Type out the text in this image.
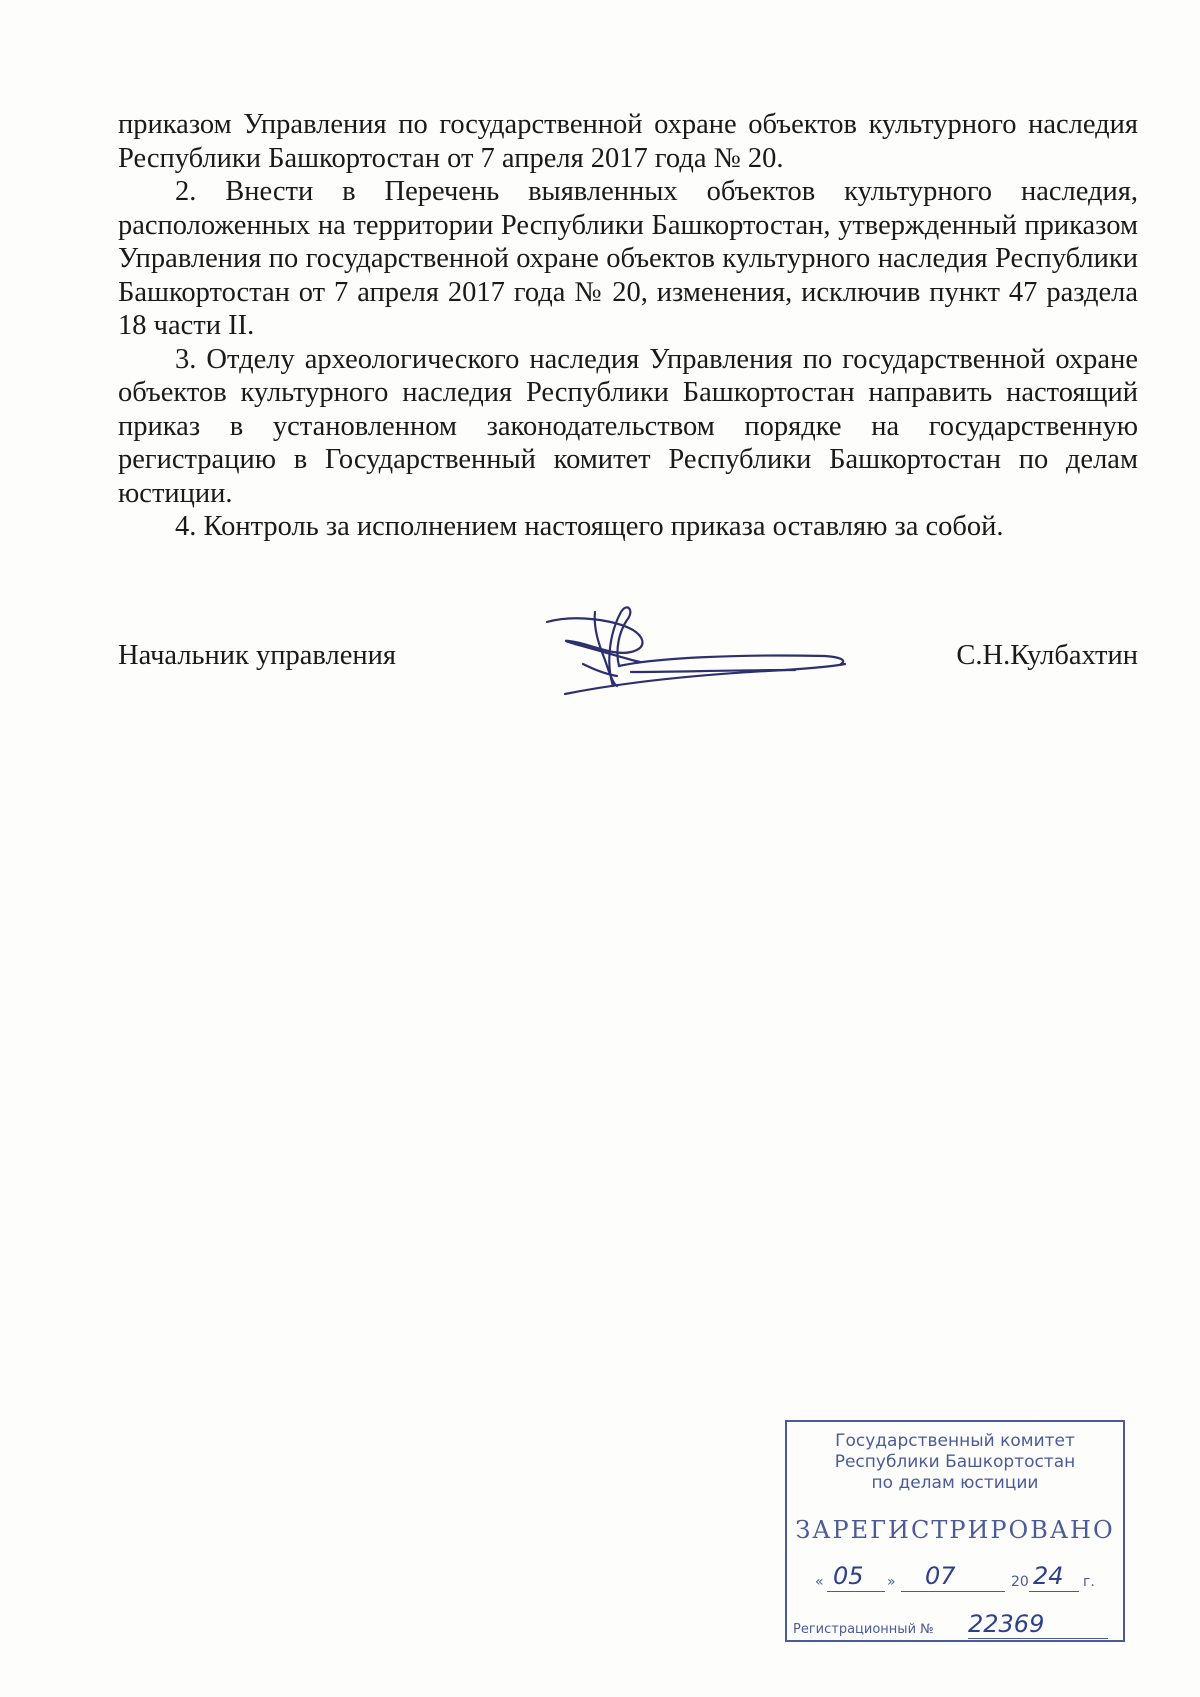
приказом Управления по государственной охране объектов культурного наследия Республики Башкортостан от 7 апреля 2017 года № 20.

2. Внести в Перечень выявленных объектов культурного наследия, расположенных на территории Республики Башкортостан, утвержденный приказом Управления по государственной охране объектов культурного наследия Республики Башкортостан от 7 апреля 2017 года № 20, изменения, исключив пункт 47 раздела 18 части II.

3. Отделу археологического наследия Управления по государственной охране объектов культурного наследия Республики Башкортостан направить настоящий приказ в установленном законодательством порядке на государственную регистрацию в Государственный комитет Республики Башкортостан по делам юстиции.

4. Контроль за исполнением настоящего приказа оставляю за собой.

Начальник управления	С.Н.Кулбахтин
Государственный комитет
Республики Башкортостан
по делам юстиции
ЗАРЕГИСТРИРОВАНО
« 05 » 07	20 24 г.
Регистрационный № 22369
